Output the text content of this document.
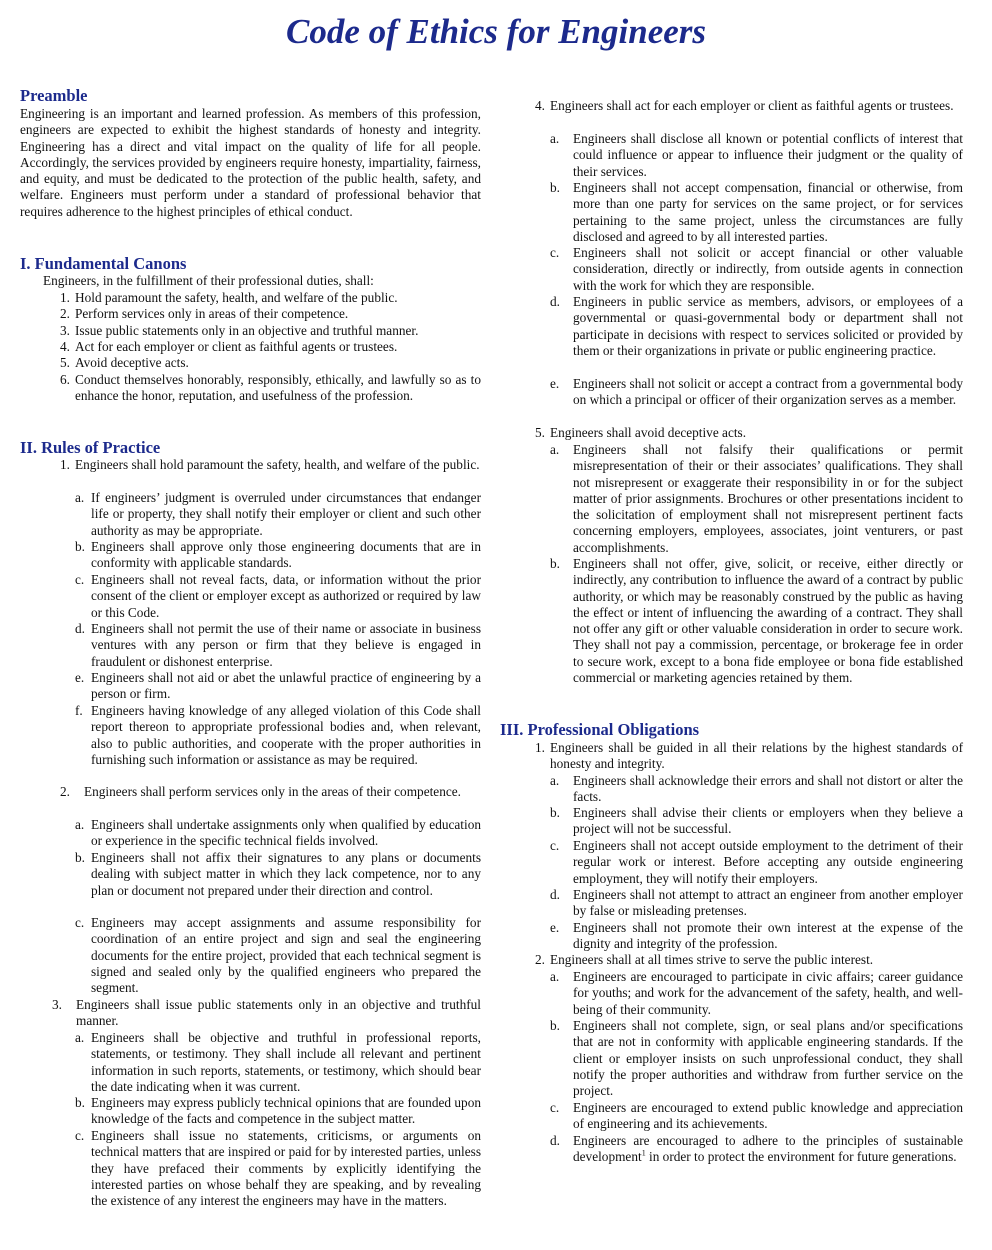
Code of Ethics for Engineers
Preamble

Engineering is an important and learned profession. As members of this profession, engineers are expected to exhibit the highest standards of honesty and integrity. Engineering has a direct and vital impact on the quality of life for all people. Accordingly, the services provided by engineers require honesty, impartiality, fairness, and equity, and must be dedicated to the protection of the public health, safety, and welfare. Engineers must perform under a standard of professional behavior that requires adherence to the highest principles of ethical conduct.

I. Fundamental Canons

Engineers, in the fulfillment of their professional duties, shall:

1. Hold paramount the safety, health, and welfare of the public.
2. Perform services only in areas of their competence.
3. Issue public statements only in an objective and truthful manner.
4. Act for each employer or client as faithful agents or trustees.
5. Avoid deceptive acts.
6. Conduct themselves honorably, responsibly, ethically, and lawfully so as to enhance the honor, reputation, and usefulness of the profession.
II. Rules of Practice
1. Engineers shall hold paramount the safety, health, and welfare of the public.
a. If engineers’ judgment is overruled under circumstances that endanger life or property, they shall notify their employer or client and such other authority as may be appropriate.
b. Engineers shall approve only those engineering documents that are in conformity with applicable standards.
c. Engineers shall not reveal facts, data, or information without the prior consent of the client or employer except as authorized or required by law or this Code.
d. Engineers shall not permit the use of their name or associate in business ventures with any person or firm that they believe is engaged in fraudulent or dishonest enterprise.
e. Engineers shall not aid or abet the unlawful practice of engineering by a person or firm.
f. Engineers having knowledge of any alleged violation of this Code shall report thereon to appropriate professional bodies and, when relevant, also to public authorities, and cooperate with the proper authorities in furnishing such information or assistance as may be required.
2.	Engineers shall perform services only in the areas of their competence.
a. Engineers shall undertake assignments only when qualified by education or experience in the specific technical fields involved.
b. Engineers shall not affix their signatures to any plans or documents dealing with subject matter in which they lack competence, nor to any plan or document not prepared under their direction and control.
c. Engineers may accept assignments and assume responsibility for coordination of an entire project and sign and seal the engineering documents for the entire project, provided that each technical segment is signed and sealed only by the qualified engineers who prepared the segment.
3.	Engineers shall issue public statements only in an objective and truthful manner.
a. Engineers shall be objective and truthful in professional reports, statements, or testimony. They shall include all relevant and pertinent information in such reports, statements, or testimony, which should bear the date indicating when it was current.
b. Engineers may express publicly technical opinions that are founded upon knowledge of the facts and competence in the subject matter.
c. Engineers shall issue no statements, criticisms, or arguments on technical matters that are inspired or paid for by interested parties, unless they have prefaced their comments by explicitly identifying the interested parties on whose behalf they are speaking, and by revealing the existence of any interest the engineers may have in the matters.
4. Engineers shall act for each employer or client as faithful agents or trustees.
a.	Engineers shall disclose all known or potential conflicts of interest that could influence or appear to influence their judgment or the quality of their services.
b. Engineers shall not accept compensation, financial or otherwise, from more than one party for services on the same project, or for services pertaining to the same project, unless the circumstances are fully disclosed and agreed to by all interested parties.
c.	Engineers shall not solicit or accept financial or other valuable consideration, directly or indirectly, from outside agents in connection with the work for which they are responsible.
d. Engineers in public service as members, advisors, or employees of a governmental or quasi-governmental body or department shall not participate in decisions with respect to services solicited or provided by them or their organizations in private or public engineering practice.
e.	Engineers shall not solicit or accept a contract from a governmental body on which a principal or officer of their organization serves as a member.
5. Engineers shall avoid deceptive acts.
a.	Engineers shall not falsify their qualifications or permit misrepresentation of their or their associates’ qualifications. They shall not misrepresent or exaggerate their responsibility in or for the subject matter of prior assignments. Brochures or other presentations incident to the solicitation of employment shall not misrepresent pertinent facts concerning employers, employees, associates, joint venturers, or past accomplishments.
b. Engineers shall not offer, give, solicit, or receive, either directly or indirectly, any contribution to influence the award of a contract by public authority, or which may be reasonably construed by the public as having the effect or intent of influencing the awarding of a contract. They shall not offer any gift or other valuable consideration in order to secure work. They shall not pay a commission, percentage, or brokerage fee in order to secure work, except to a bona fide employee or bona fide established commercial or marketing agencies retained by them.
III. Professional Obligations
1. Engineers shall be guided in all their relations by the highest standards of honesty and integrity.
a.	Engineers shall acknowledge their errors and shall not distort or alter the facts.
b. Engineers shall advise their clients or employers when they believe a project will not be successful.
c.	Engineers shall not accept outside employment to the detriment of their regular work or interest. Before accepting any outside engineering employment, they will notify their employers.
d. Engineers shall not attempt to attract an engineer from another employer by false or misleading pretenses.
e.	Engineers shall not promote their own interest at the expense of the dignity and integrity of the profession.
2. Engineers shall at all times strive to serve the public interest.
a.	Engineers are encouraged to participate in civic affairs; career guidance for youths; and work for the advancement of the safety, health, and well-being of their community.
b. Engineers shall not complete, sign, or seal plans and/or specifications that are not in conformity with applicable engineering standards. If the client or employer insists on such unprofessional conduct, they shall notify the proper authorities and withdraw from further service on the project.
c.	Engineers are encouraged to extend public knowledge and appreciation of engineering and its achievements.
d. Engineers are encouraged to adhere to the principles of sustainable development$^1$ in order to protect the environment for future generations.
